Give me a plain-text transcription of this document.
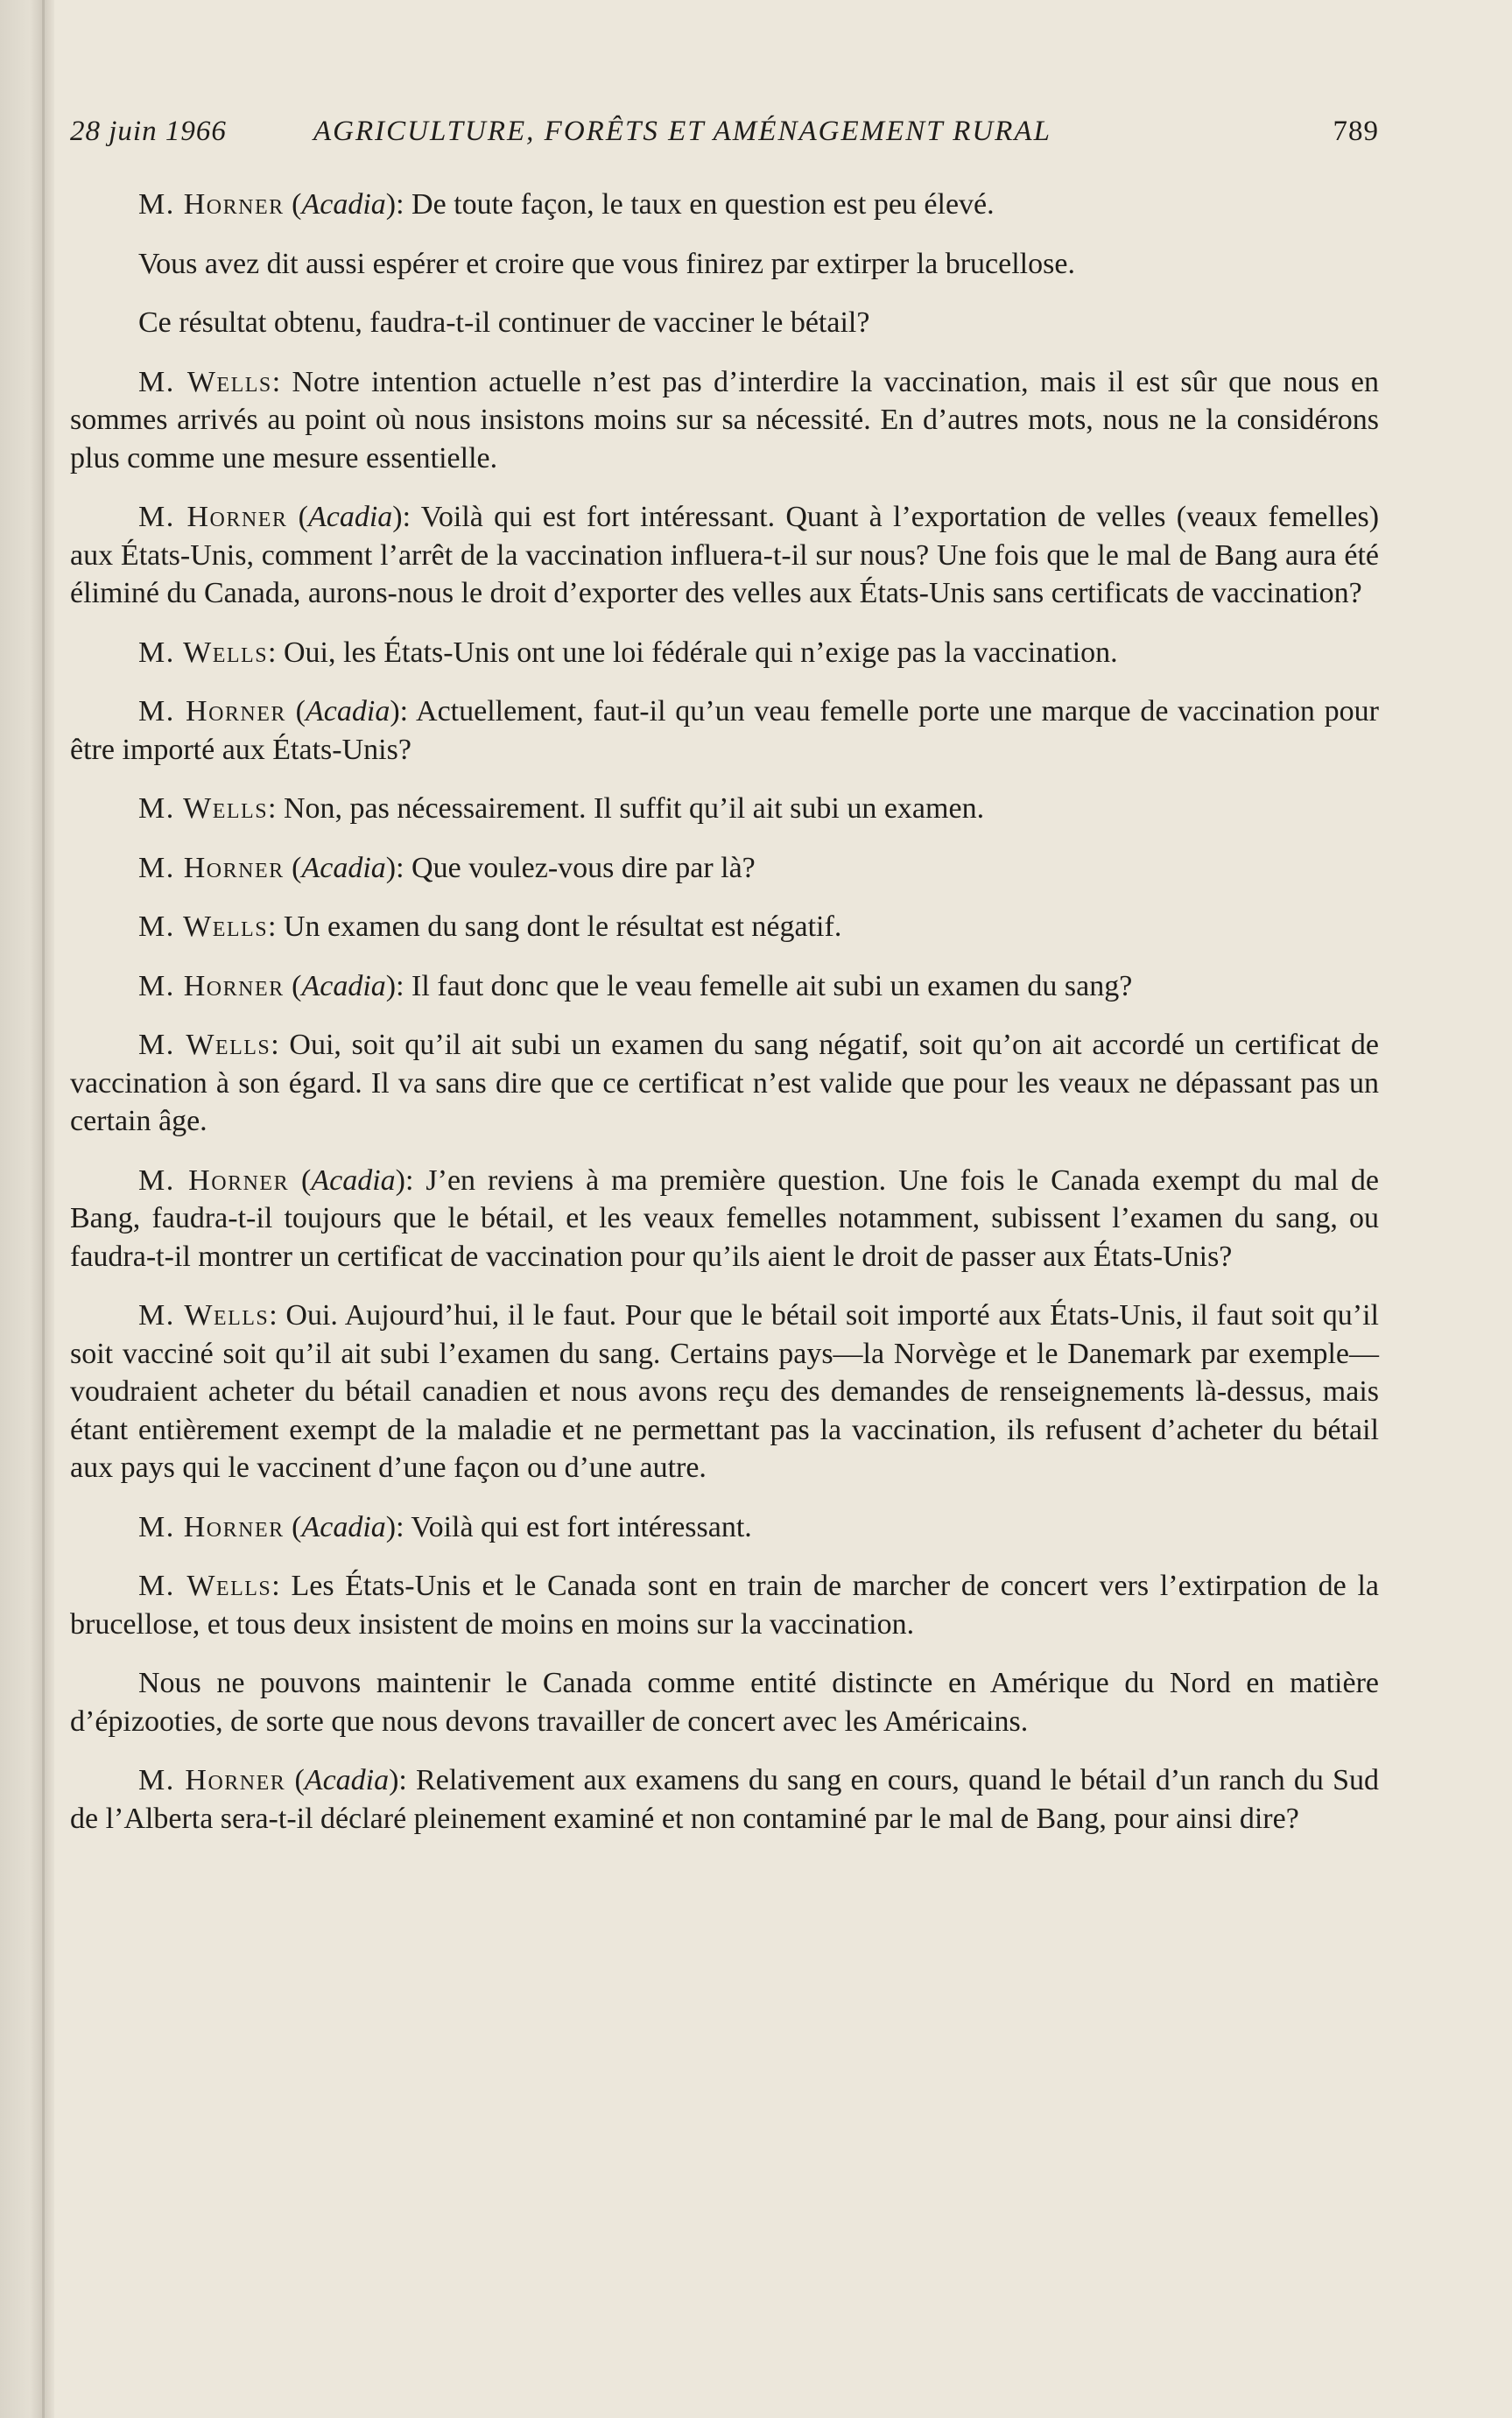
28 juin 1966	AGRICULTURE, FORÊTS ET AMÉNAGEMENT RURAL	789

M. Horner (Acadia): De toute façon, le taux en question est peu élevé.

Vous avez dit aussi espérer et croire que vous finirez par extirper la brucellose.

Ce résultat obtenu, faudra-t-il continuer de vacciner le bétail?

M. Wells: Notre intention actuelle n’est pas d’interdire la vaccination, mais il est sûr que nous en sommes arrivés au point où nous insistons moins sur sa nécessité. En d’autres mots, nous ne la considérons plus comme une mesure essentielle.

M. Horner (Acadia): Voilà qui est fort intéressant. Quant à l’exportation de velles (veaux femelles) aux États-Unis, comment l’arrêt de la vaccination influera-t-il sur nous? Une fois que le mal de Bang aura été éliminé du Canada, aurons-nous le droit d’exporter des velles aux États-Unis sans certificats de vaccination?

M. Wells: Oui, les États-Unis ont une loi fédérale qui n’exige pas la vaccination.

M. Horner (Acadia): Actuellement, faut-il qu’un veau femelle porte une marque de vaccination pour être importé aux États-Unis?

M. Wells: Non, pas nécessairement. Il suffit qu’il ait subi un examen.

M. Horner (Acadia): Que voulez-vous dire par là?

M. Wells: Un examen du sang dont le résultat est négatif.

M. Horner (Acadia): Il faut donc que le veau femelle ait subi un examen du sang?

M. Wells: Oui, soit qu’il ait subi un examen du sang négatif, soit qu’on ait accordé un certificat de vaccination à son égard. Il va sans dire que ce certificat n’est valide que pour les veaux ne dépassant pas un certain âge.

M. Horner (Acadia): J’en reviens à ma première question. Une fois le Canada exempt du mal de Bang, faudra-t-il toujours que le bétail, et les veaux femelles notamment, subissent l’examen du sang, ou faudra-t-il montrer un certificat de vaccination pour qu’ils aient le droit de passer aux États-Unis?

M. Wells: Oui. Aujourd’hui, il le faut. Pour que le bétail soit importé aux États-Unis, il faut soit qu’il soit vacciné soit qu’il ait subi l’examen du sang. Certains pays—la Norvège et le Danemark par exemple—voudraient acheter du bétail canadien et nous avons reçu des demandes de renseignements là-dessus, mais étant entièrement exempt de la maladie et ne permettant pas la vaccination, ils refusent d’acheter du bétail aux pays qui le vaccinent d’une façon ou d’une autre.

M. Horner (Acadia): Voilà qui est fort intéressant.

M. Wells: Les États-Unis et le Canada sont en train de marcher de concert vers l’extirpation de la brucellose, et tous deux insistent de moins en moins sur la vaccination.

Nous ne pouvons maintenir le Canada comme entité distincte en Amérique du Nord en matière d’épizooties, de sorte que nous devons travailler de concert avec les Américains.

M. Horner (Acadia): Relativement aux examens du sang en cours, quand le bétail d’un ranch du Sud de l’Alberta sera-t-il déclaré pleinement examiné et non contaminé par le mal de Bang, pour ainsi dire?
